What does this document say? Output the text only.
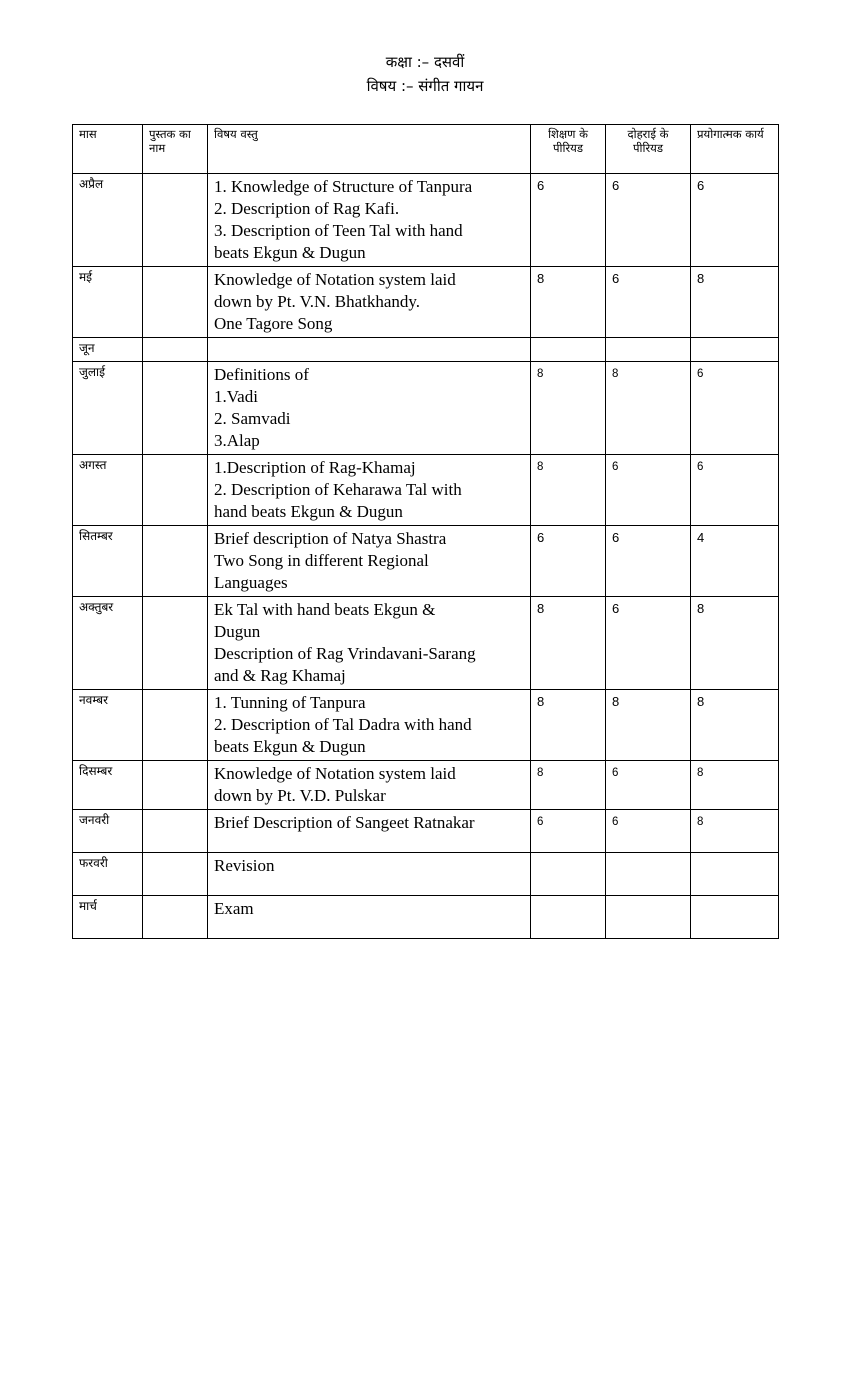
कक्षा :– दसवीं
विषय :– संगीत गायन
मास	पुस्तक का नाम	विषय वस्तु	शिक्षण के पीरियड	दोहराई के पीरियड	प्रयोगात्मक कार्य
अप्रैल		1. Knowledge of Structure of Tanpura
2. Description of Rag Kafi.
3. Description of Teen Tal with hand
beats Ekgun & Dugun	6	6	6
मई		Knowledge of Notation system laid
down by Pt. V.N. Bhatkhandy.
One Tagore Song	8	6	8
जून					
जुलाई		Definitions of
1.Vadi
2. Samvadi
3.Alap	8	8	6
अगस्त		1.Description of Rag-Khamaj
2. Description of Keharawa Tal with
hand beats Ekgun & Dugun	8	6	6
सितम्बर		Brief description of Natya Shastra
Two Song in different Regional
Languages	6	6	4
अक्तुबर		Ek Tal with hand beats Ekgun &
Dugun
Description of Rag Vrindavani-Sarang
and & Rag Khamaj	8	6	8
नवम्बर		1. Tunning of Tanpura
2. Description of Tal Dadra with hand
beats Ekgun & Dugun	8	8	8
दिसम्बर		Knowledge of Notation system laid
down by Pt. V.D. Pulskar	8	6	8
जनवरी		Brief Description of Sangeet Ratnakar	6	6	8
फरवरी		Revision			

मार्च		Exam			
